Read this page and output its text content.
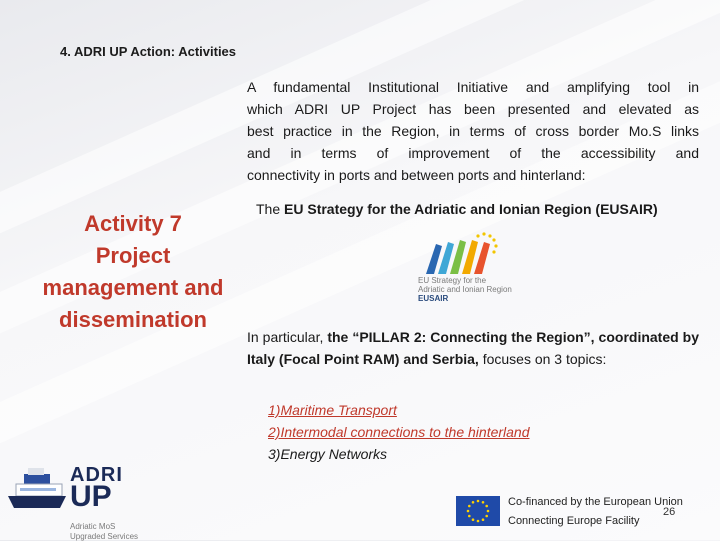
4. ADRI UP Action: Activities
A fundamental Institutional Initiative and amplifying tool in
which ADRI UP Project has been presented and elevated as
best practice in the Region, in terms of cross border Mo.S links
and in terms of improvement of the accessibility and
connectivity in ports and between ports and hinterland:
Activity 7
Project
management and
dissemination
The EU Strategy for the Adriatic and Ionian Region (EUSAIR)
EU Strategy for the
Adriatic and Ionian Region
EUSAIR
In particular, the “PILLAR 2: Connecting the Region”, coordinated by Italy (Focal Point RAM) and Serbia, focuses on 3 topics:
1)Maritime Transport
2)Intermodal connections to the hinterland
3)Energy Networks
ADRI
UP
Adriatic MoS
Upgraded Services
Co-financed by the European Union
Connecting Europe Facility
26
